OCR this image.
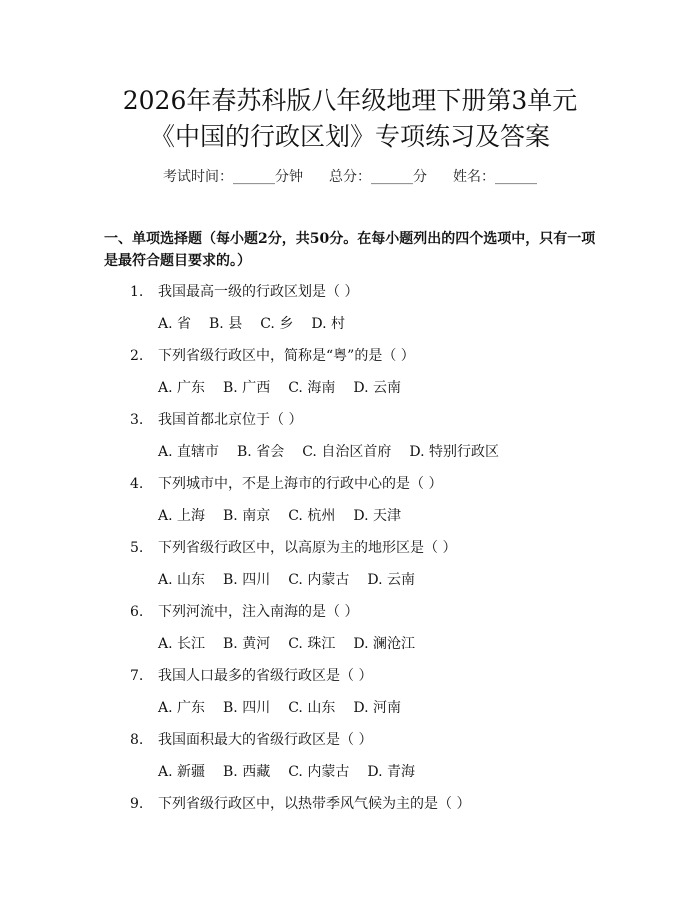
2026年春苏科版八年级地理下册第3单元
《中国的行政区划》专项练习及答案
考试时间：______分钟 总分：______分 姓名：______
一、单项选择题（每小题2分，共50分。在每小题列出的四个选项中，只有一项
是最符合题目要求的。）
1. 我国最高一级的行政区划是（ ）
A. 省 B. 县 C. 乡 D. 村
2. 下列省级行政区中，简称是“粤”的是（ ）
A. 广东 B. 广西 C. 海南 D. 云南
3. 我国首都北京位于（ ）
A. 直辖市 B. 省会 C. 自治区首府 D. 特别行政区
4. 下列城市中，不是上海市的行政中心的是（ ）
A. 上海 B. 南京 C. 杭州 D. 天津
5. 下列省级行政区中，以高原为主的地形区是（ ）
A. 山东 B. 四川 C. 内蒙古 D. 云南
6. 下列河流中，注入南海的是（ ）
A. 长江 B. 黄河 C. 珠江 D. 澜沧江
7. 我国人口最多的省级行政区是（ ）
A. 广东 B. 四川 C. 山东 D. 河南
8. 我国面积最大的省级行政区是（ ）
A. 新疆 B. 西藏 C. 内蒙古 D. 青海
9. 下列省级行政区中，以热带季风气候为主的是（ ）
